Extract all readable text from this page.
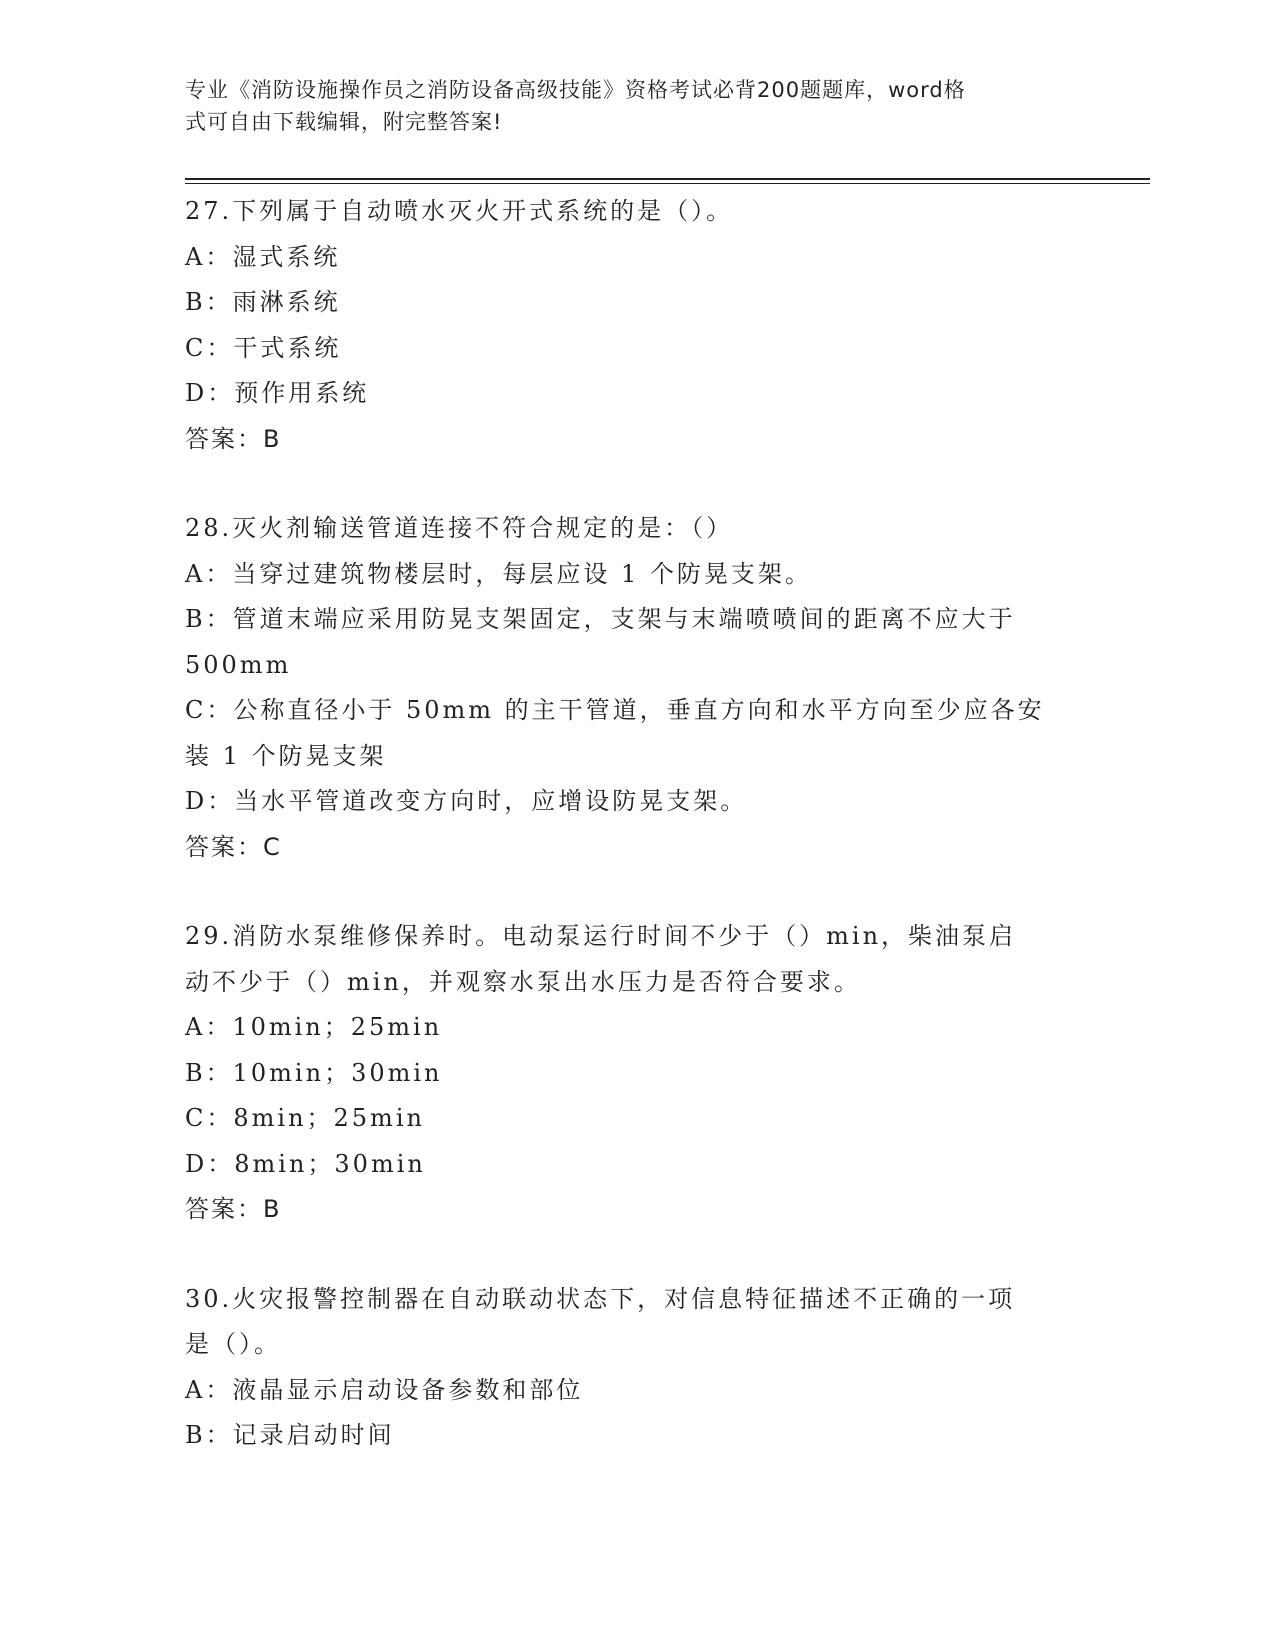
专业《消防设施操作员之消防设备高级技能》资格考试必背200题题库，word格
式可自由下载编辑，附完整答案!
27.下列属于自动喷水灭火开式系统的是（）。
A：湿式系统
B：雨淋系统
C：干式系统
D：预作用系统
答案：B
28.灭火剂输送管道连接不符合规定的是：（）
A：当穿过建筑物楼层时，每层应设 1 个防晃支架。
B：管道末端应采用防晃支架固定，支架与末端喷喷间的距离不应大于
500mm
C：公称直径小于 50mm 的主干管道，垂直方向和水平方向至少应各安
装 1 个防晃支架
D：当水平管道改变方向时，应增设防晃支架。
答案：C
29.消防水泵维修保养时。电动泵运行时间不少于（）min，柴油泵启
动不少于（）min，并观察水泵出水压力是否符合要求。
A：10min；25min
B：10min；30min
C：8min；25min
D：8min；30min
答案：B
30.火灾报警控制器在自动联动状态下，对信息特征描述不正确的一项
是（）。
A：液晶显示启动设备参数和部位
B：记录启动时间
